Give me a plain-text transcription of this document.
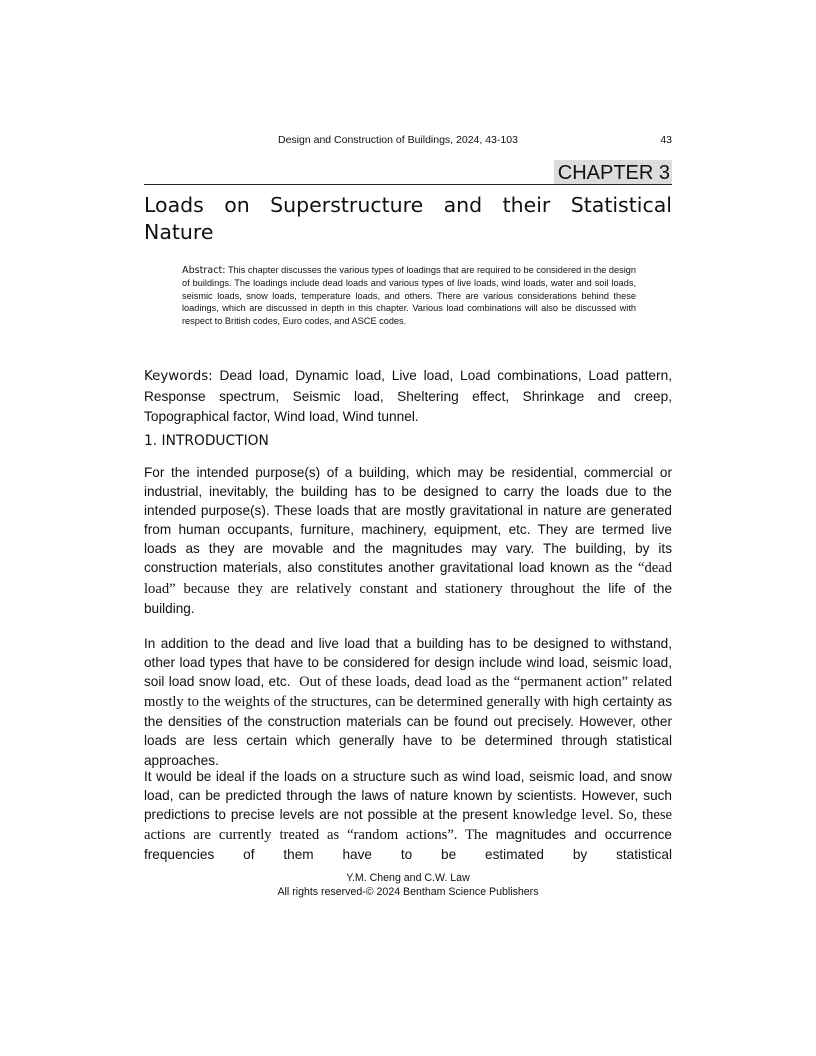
Design and Construction of Buildings, 2024, 43-103	43
CHAPTER 3
Loads on Superstructure and their Statistical Nature

Abstract: This chapter discusses the various types of loadings that are required to be considered in the design of buildings. The loadings include dead loads and various types of live loads, wind loads, water and soil loads, seismic loads, snow loads, temperature loads, and others. There are various considerations behind these loadings, which are discussed in depth in this chapter. Various load combinations will also be discussed with respect to British codes, Euro codes, and ASCE codes.

Keywords: Dead load, Dynamic load, Live load, Load combinations, Load pattern, Response spectrum, Seismic load, Sheltering effect, Shrinkage and creep, Topographical factor, Wind load, Wind tunnel.

1. INTRODUCTION

For the intended purpose(s) of a building, which may be residential, commercial or industrial, inevitably, the building has to be designed to carry the loads due to the intended purpose(s). These loads that are mostly gravitational in nature are generated from human occupants, furniture, machinery, equipment, etc. They are termed live loads as they are movable and the magnitudes may vary. The building, by its construction materials, also constitutes another gravitational load known as the “dead load” because they are relatively constant and stationery throughout the life of the building.

In addition to the dead and live load that a building has to be designed to withstand, other load types that have to be considered for design include wind load, seismic load, soil load snow load, etc. Out of these loads, dead load as the “permanent action” related mostly to the weights of the structures, can be determined generally with high certainty as the densities of the construction materials can be found out precisely. However, other loads are less certain which generally have to be determined through statistical approaches.

It would be ideal if the loads on a structure such as wind load, seismic load, and snow load, can be predicted through the laws of nature known by scientists. However, such predictions to precise levels are not possible at the present knowledge level. So, these actions are currently treated as “random actions”. The magnitudes and occurrence frequencies of them have to be estimated by statistical

Y.M. Cheng and C.W. Law
All rights reserved-© 2024 Bentham Science Publishers
